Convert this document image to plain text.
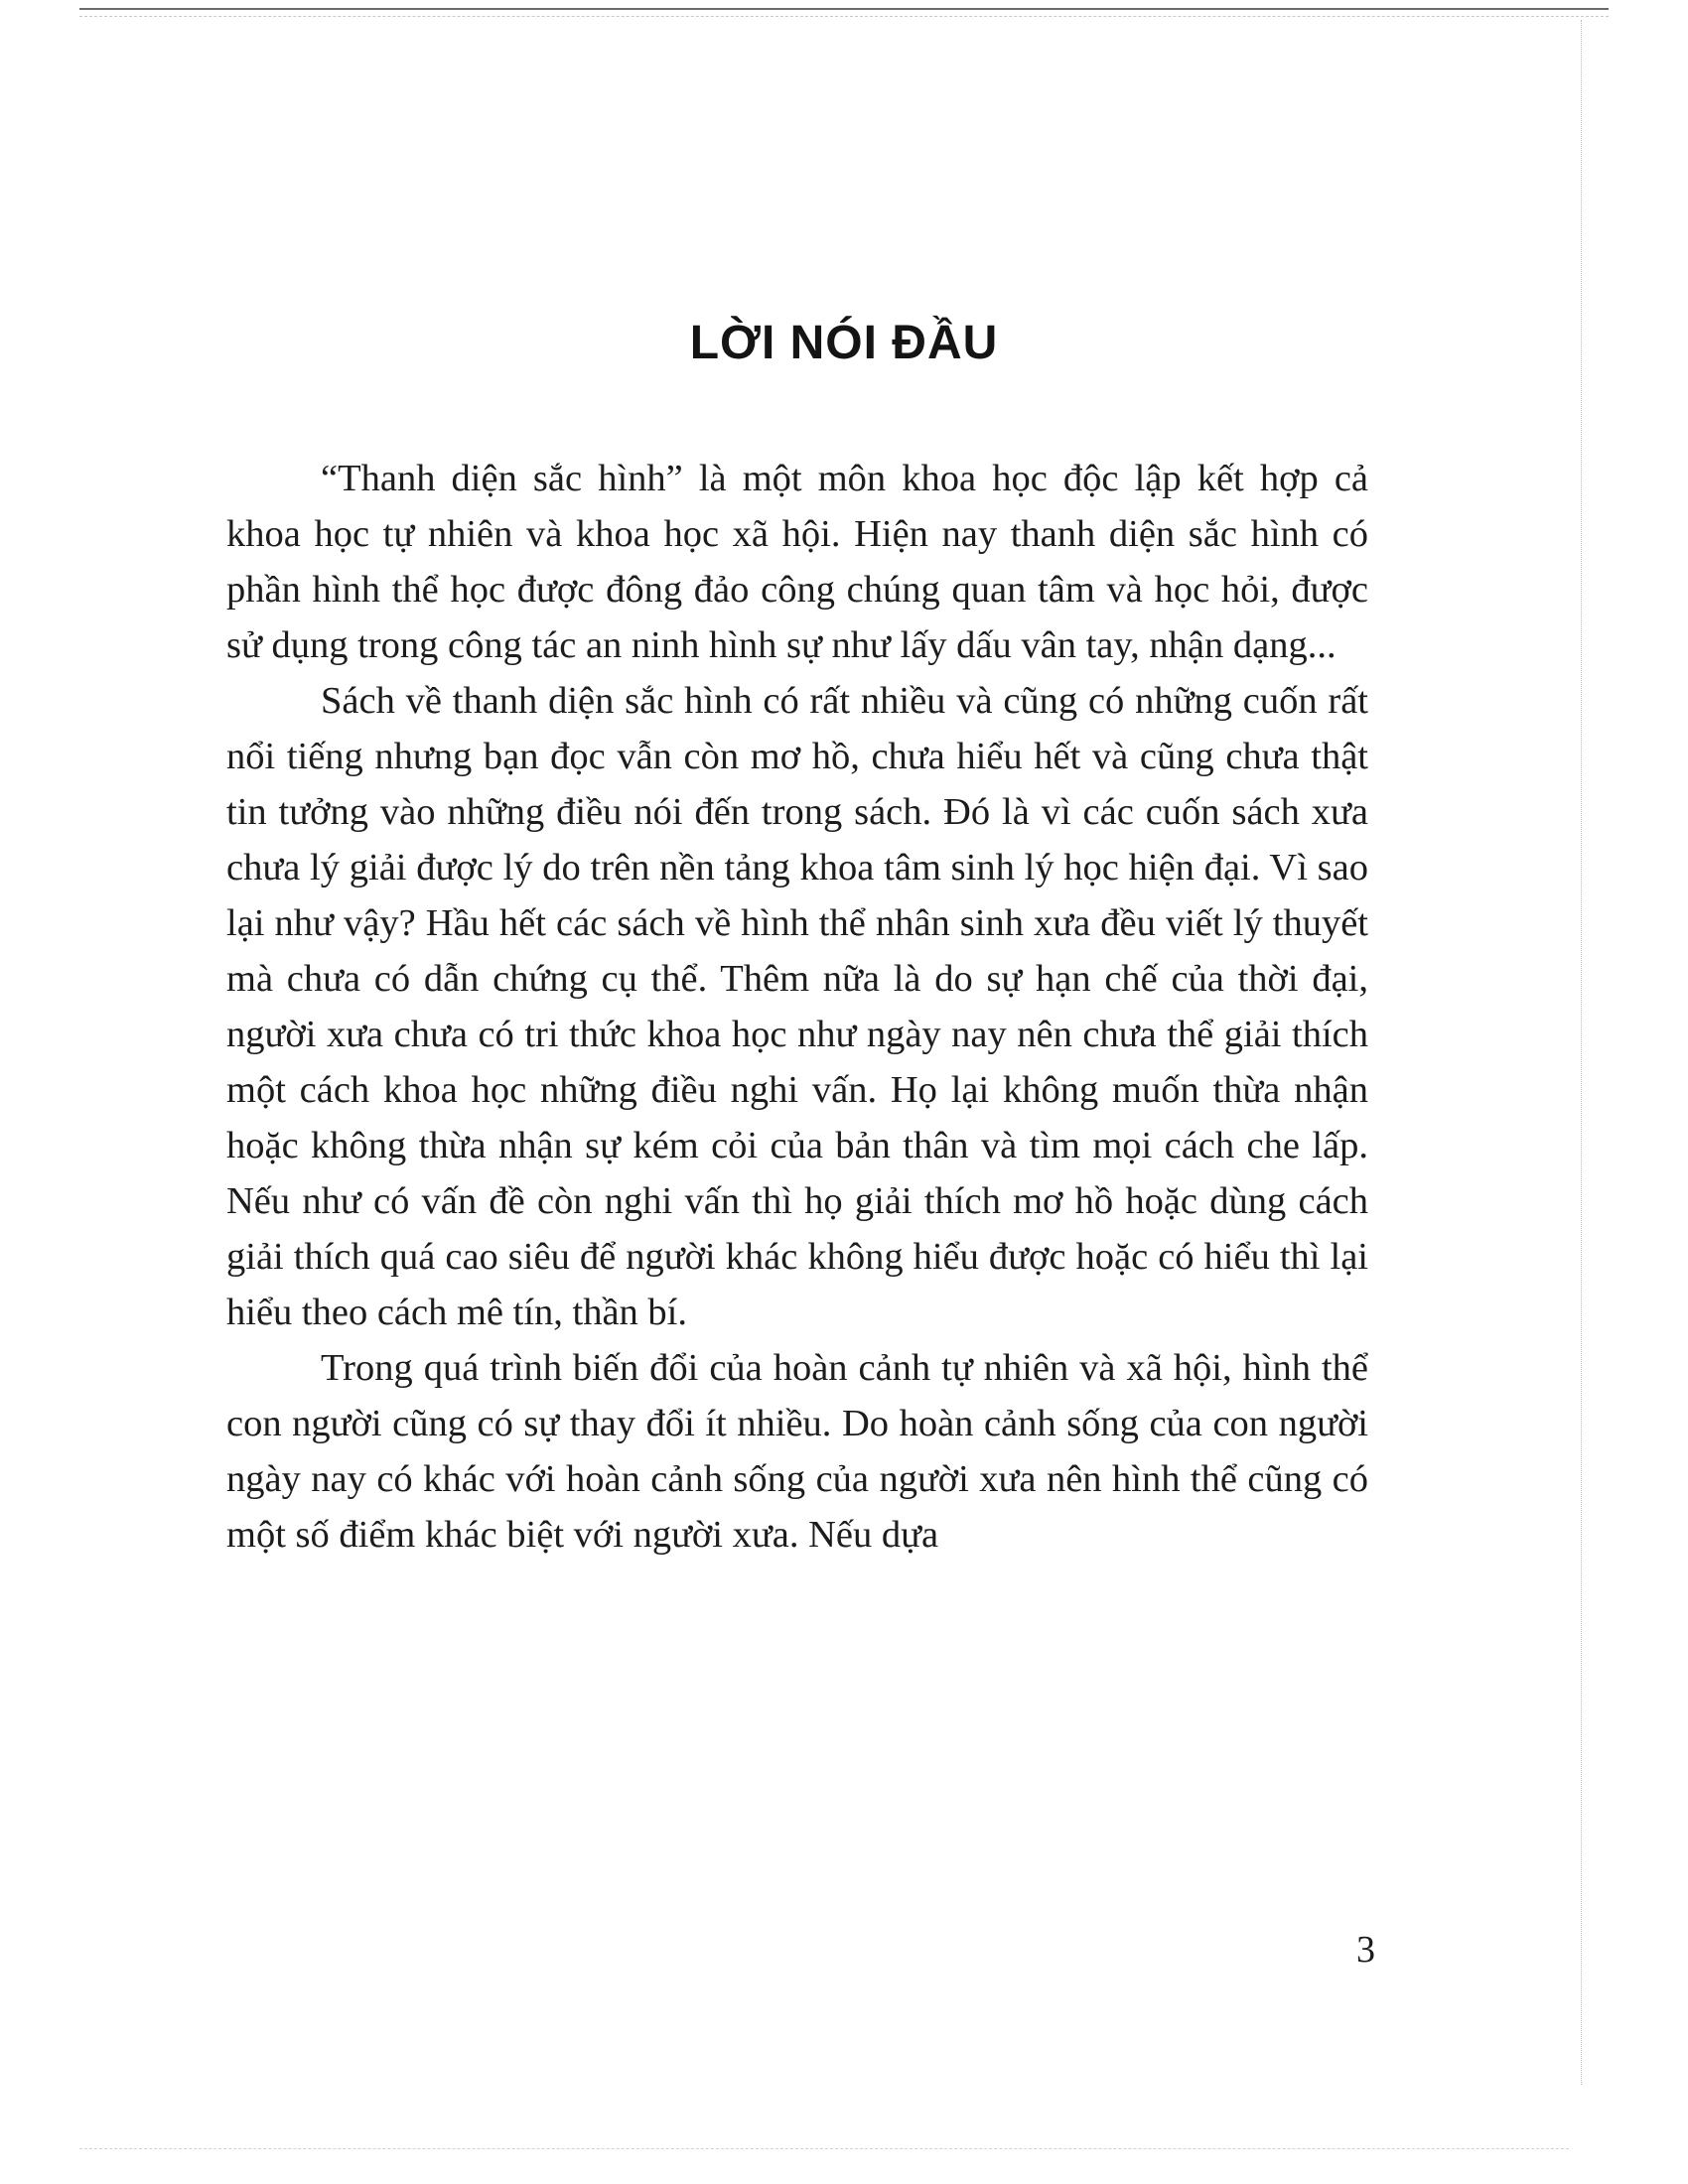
LỜI NÓI ĐẦU

“Thanh diện sắc hình” là một môn khoa học độc lập kết hợp cả khoa học tự nhiên và khoa học xã hội. Hiện nay thanh diện sắc hình có phần hình thể học được đông đảo công chúng quan tâm và học hỏi, được sử dụng trong công tác an ninh hình sự như lấy dấu vân tay, nhận dạng...

Sách về thanh diện sắc hình có rất nhiều và cũng có những cuốn rất nổi tiếng nhưng bạn đọc vẫn còn mơ hồ, chưa hiểu hết và cũng chưa thật tin tưởng vào những điều nói đến trong sách. Đó là vì các cuốn sách xưa chưa lý giải được lý do trên nền tảng khoa tâm sinh lý học hiện đại. Vì sao lại như vậy? Hầu hết các sách về hình thể nhân sinh xưa đều viết lý thuyết mà chưa có dẫn chứng cụ thể. Thêm nữa là do sự hạn chế của thời đại, người xưa chưa có tri thức khoa học như ngày nay nên chưa thể giải thích một cách khoa học những điều nghi vấn. Họ lại không muốn thừa nhận hoặc không thừa nhận sự kém cỏi của bản thân và tìm mọi cách che lấp. Nếu như có vấn đề còn nghi vấn thì họ giải thích mơ hồ hoặc dùng cách giải thích quá cao siêu để người khác không hiểu được hoặc có hiểu thì lại hiểu theo cách mê tín, thần bí.

Trong quá trình biến đổi của hoàn cảnh tự nhiên và xã hội, hình thể con người cũng có sự thay đổi ít nhiều. Do hoàn cảnh sống của con người ngày nay có khác với hoàn cảnh sống của người xưa nên hình thể cũng có một số điểm khác biệt với người xưa. Nếu dựa

3
